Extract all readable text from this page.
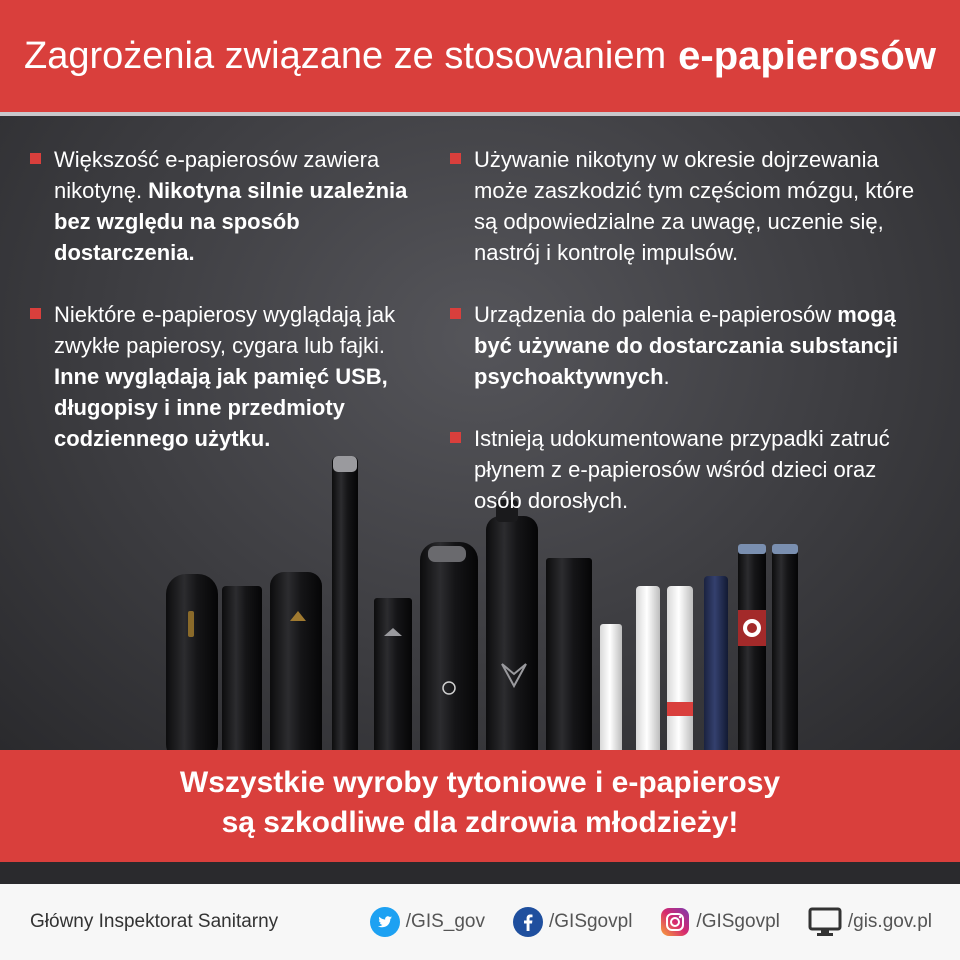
Zagrożenia związane ze stosowaniem e-papierosów
Większość e-papierosów zawiera nikotynę. Nikotyna silnie uzależnia bez względu na sposób dostarczenia.
Niektóre e-papierosy wyglądają jak zwykłe papierosy, cygara lub fajki. Inne wyglądają jak pamięć USB, długopisy i inne przedmioty codziennego użytku.
Używanie nikotyny w okresie dojrzewania może zaszkodzić tym częściom mózgu, które są odpowiedzialne za uwagę, uczenie się, nastrój i kontrolę impulsów.
Urządzenia do palenia e-papierosów mogą być używane do dostarczania substancji psychoaktywnych.
Istnieją udokumentowane przypadki zatruć płynem z e-papierosów wśród dzieci oraz osób dorosłych.
Wszystkie wyroby tytoniowe i e-papierosy
są szkodliwe dla zdrowia młodzieży!
Główny Inspektorat Sanitarny	/GIS_gov	/GISgovpl	/GISgovpl	/gis.gov.pl
